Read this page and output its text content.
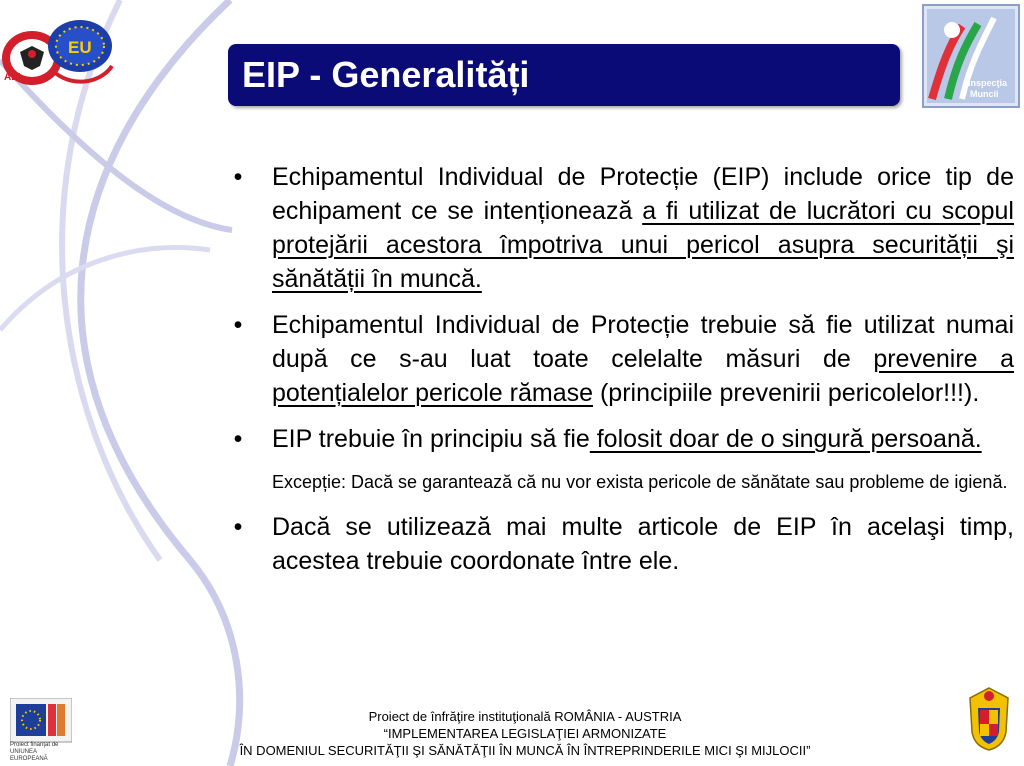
AEI
EU
Inspecţia
Muncii
EIP - Generalități
• Echipamentul Individual de Protecție (EIP) include orice tip de echipament ce se intenționează a fi utilizat de lucrători cu scopul protejării acestora împotriva unui pericol asupra securității şi sănătății în muncă.
• Echipamentul Individual de Protecție trebuie să fie utilizat numai după ce s-au luat toate celelalte măsuri de prevenire a potențialelor pericole rămase (principiile prevenirii pericolelor!!!).
• EIP trebuie în principiu să fie folosit doar de o singură persoană.

Excepție: Dacă se garantează că nu vor exista pericole de sănătate sau probleme de igienă.

• Dacă se utilizează mai multe articole de EIP în acelaşi timp, acestea trebuie coordonate între ele.
Proiect finanţat de UNIUNEA EUROPEANĂ
Proiect de înfrăţire instituţională ROMÂNIA - AUSTRIA
“IMPLEMENTAREA LEGISLAŢIEI ARMONIZATE
ÎN DOMENIUL SECURITĂŢII ŞI SĂNĂTĂŢII ÎN MUNCĂ ÎN ÎNTREPRINDERILE MICI ŞI MIJLOCII”
